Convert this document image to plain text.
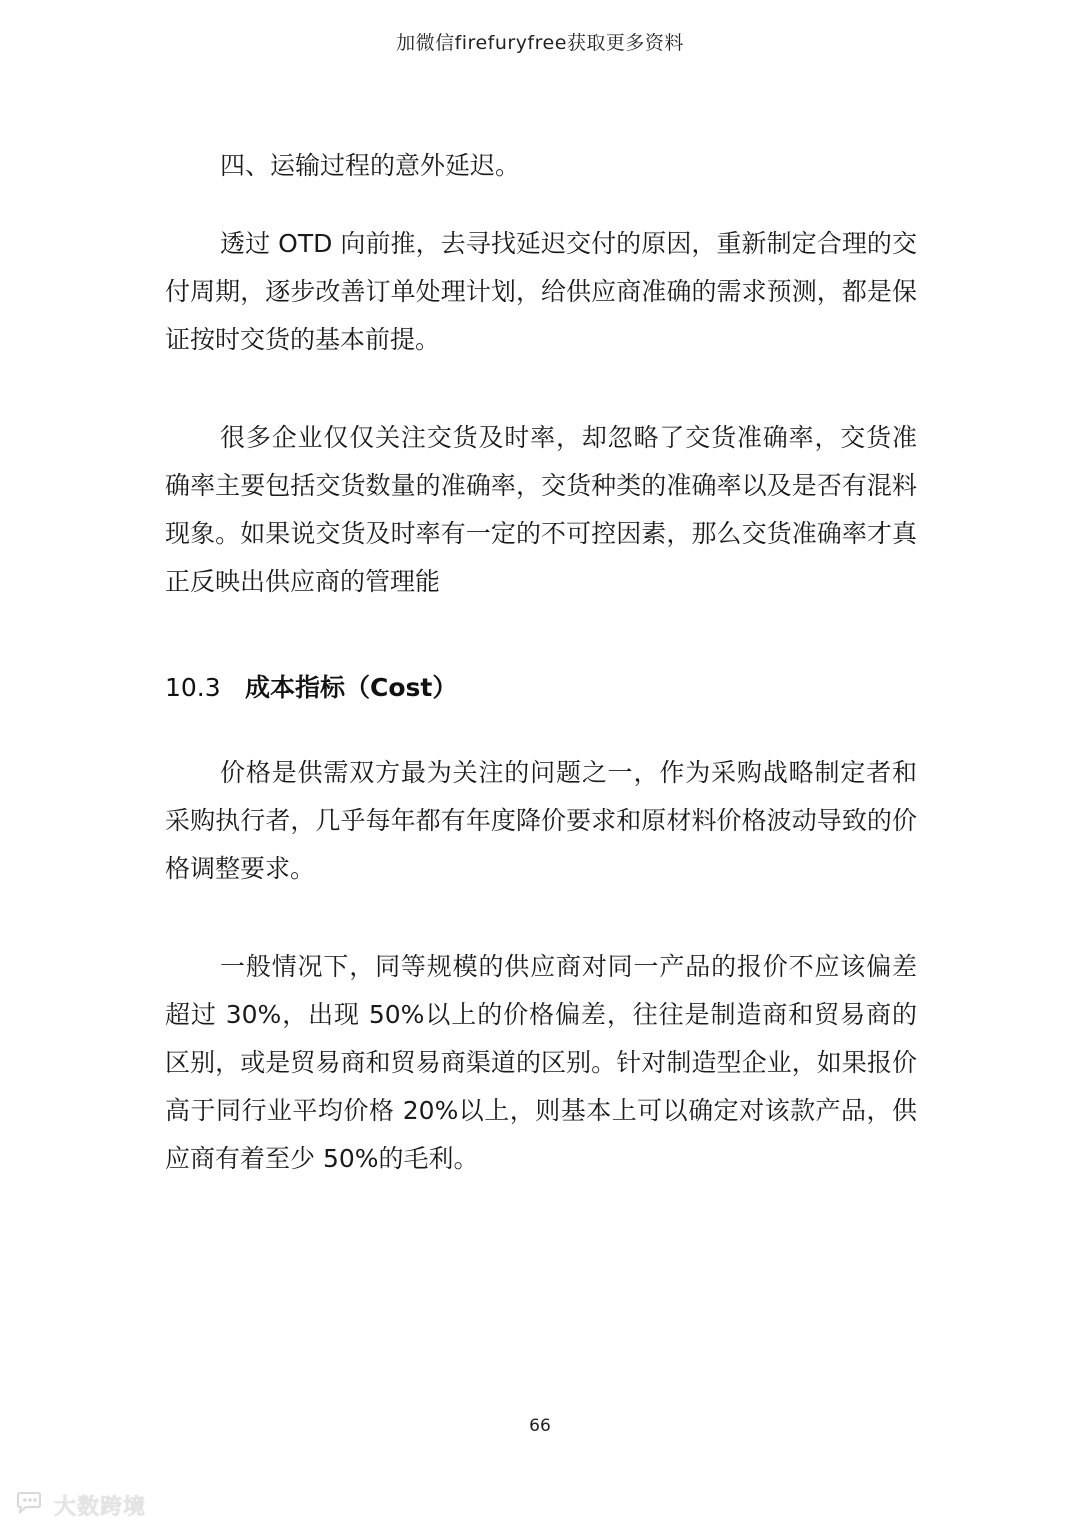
加微信firefuryfree获取更多资料

四、运输过程的意外延迟。

透过 OTD 向前推，去寻找延迟交付的原因，重新制定合理的交付周期，逐步改善订单处理计划，给供应商准确的需求预测，都是保证按时交货的基本前提。

很多企业仅仅关注交货及时率，却忽略了交货准确率，交货准确率主要包括交货数量的准确率，交货种类的准确率以及是否有混料现象。如果说交货及时率有一定的不可控因素，那么交货准确率才真正反映出供应商的管理能

10.3 成本指标（Cost）

价格是供需双方最为关注的问题之一，作为采购战略制定者和采购执行者，几乎每年都有年度降价要求和原材料价格波动导致的价格调整要求。

一般情况下，同等规模的供应商对同一产品的报价不应该偏差超过 30%，出现 50%以上的价格偏差，往往是制造商和贸易商的区别，或是贸易商和贸易商渠道的区别。针对制造型企业，如果报价高于同行业平均价格 20%以上，则基本上可以确定对该款产品，供应商有着至少 50%的毛利。

66
大数跨境
